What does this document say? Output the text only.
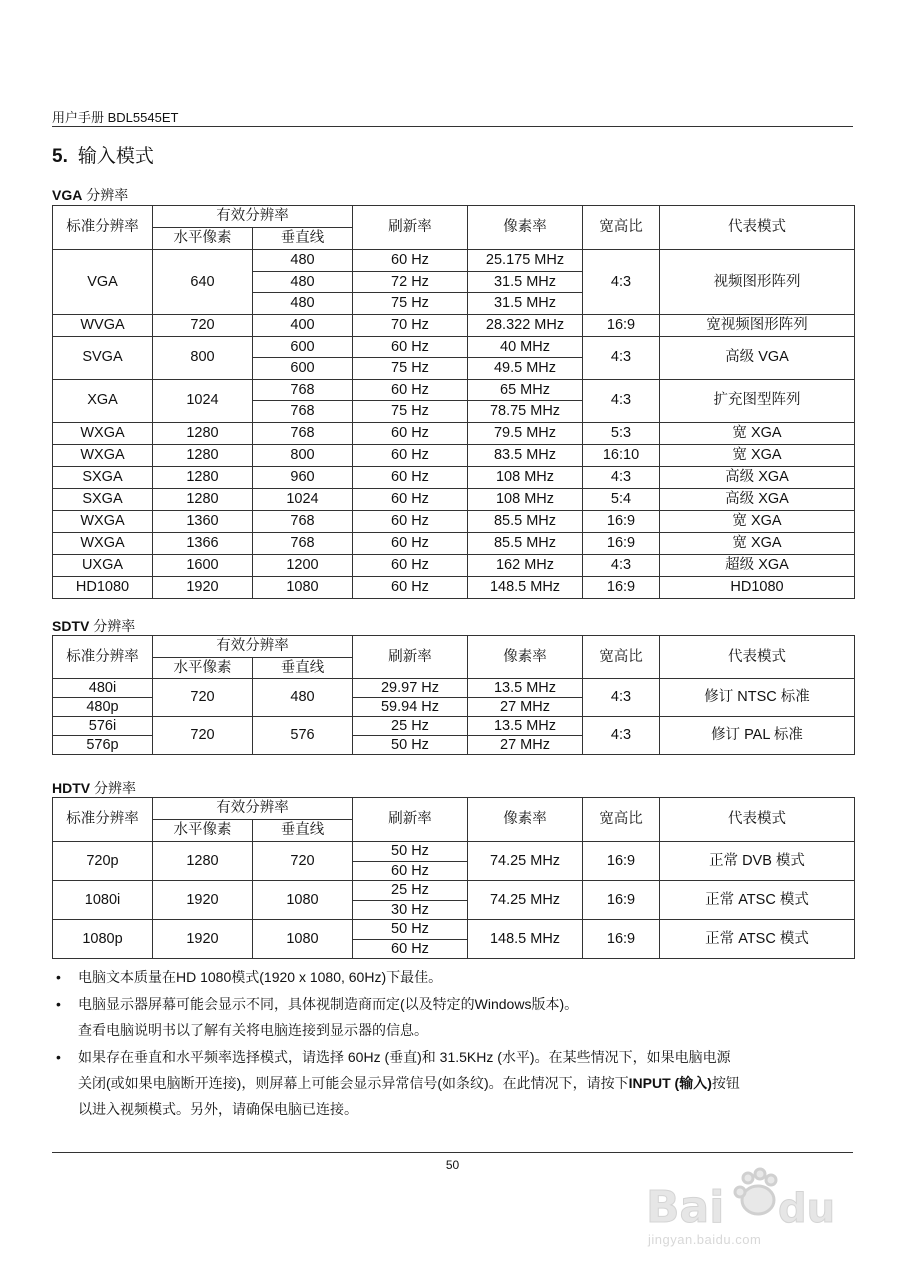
用户手册 BDL5545ET
5. 输入模式
VGA 分辨率
标准分辨率	有效分辨率		刷新率	像素率	宽高比	代表模式
	水平像素	垂直线				
VGA	640	480	60 Hz	25.175 MHz	4:3	视频图形阵列
		480	72 Hz	31.5 MHz		
		480	75 Hz	31.5 MHz		
WVGA	720	400	70 Hz	28.322 MHz	16:9	宽视频图形阵列
SVGA	800	600	60 Hz	40 MHz	4:3	高级 VGA
		600	75 Hz	49.5 MHz		
XGA	1024	768	60 Hz	65 MHz	4:3	扩充图型阵列
		768	75 Hz	78.75 MHz		
WXGA	1280	768	60 Hz	79.5 MHz	5:3	宽 XGA
WXGA	1280	800	60 Hz	83.5 MHz	16:10	宽 XGA
SXGA	1280	960	60 Hz	108 MHz	4:3	高级 XGA
SXGA	1280	1024	60 Hz	108 MHz	5:4	高级 XGA
WXGA	1360	768	60 Hz	85.5 MHz	16:9	宽 XGA
WXGA	1366	768	60 Hz	85.5 MHz	16:9	宽 XGA
UXGA	1600	1200	60 Hz	162 MHz	4:3	超级 XGA
HD1080	1920	1080	60 Hz	148.5 MHz	16:9	HD1080
SDTV 分辨率
标准分辨率	有效分辨率		刷新率	像素率	宽高比	代表模式
	水平像素	垂直线				
480i	720	480	29.97 Hz	13.5 MHz	4:3	修订 NTSC 标准
480p			59.94 Hz	27 MHz		
576i	720	576	25 Hz	13.5 MHz	4:3	修订 PAL 标准
576p			50 Hz	27 MHz		
HDTV 分辨率
标准分辨率	有效分辨率		刷新率	像素率	宽高比	代表模式
	水平像素	垂直线				
720p	1280	720	50 Hz	74.25 MHz	16:9	正常 DVB 模式
			60 Hz			
1080i	1920	1080	25 Hz	74.25 MHz	16:9	正常 ATSC 模式
			30 Hz			
1080p	1920	1080	50 Hz	148.5 MHz	16:9	正常 ATSC 模式
			60 Hz			
• 电脑文本质量在HD 1080模式(1920 x 1080, 60Hz)下最佳。
• 电脑显示器屏幕可能会显示不同，具体视制造商而定(以及特定的Windows版本)。
查看电脑说明书以了解有关将电脑连接到显示器的信息。
• 如果存在垂直和水平频率选择模式，请选择 60Hz (垂直)和 31.5KHz (水平)。在某些情况下，如果电脑电源
关闭(或如果电脑断开连接)，则屏幕上可能会显示异常信号(如条纹)。在此情况下，请按下INPUT (输入)按钮
以进入视频模式。另外，请确保电脑已连接。
50
Bai du
jingyan.baidu.com
